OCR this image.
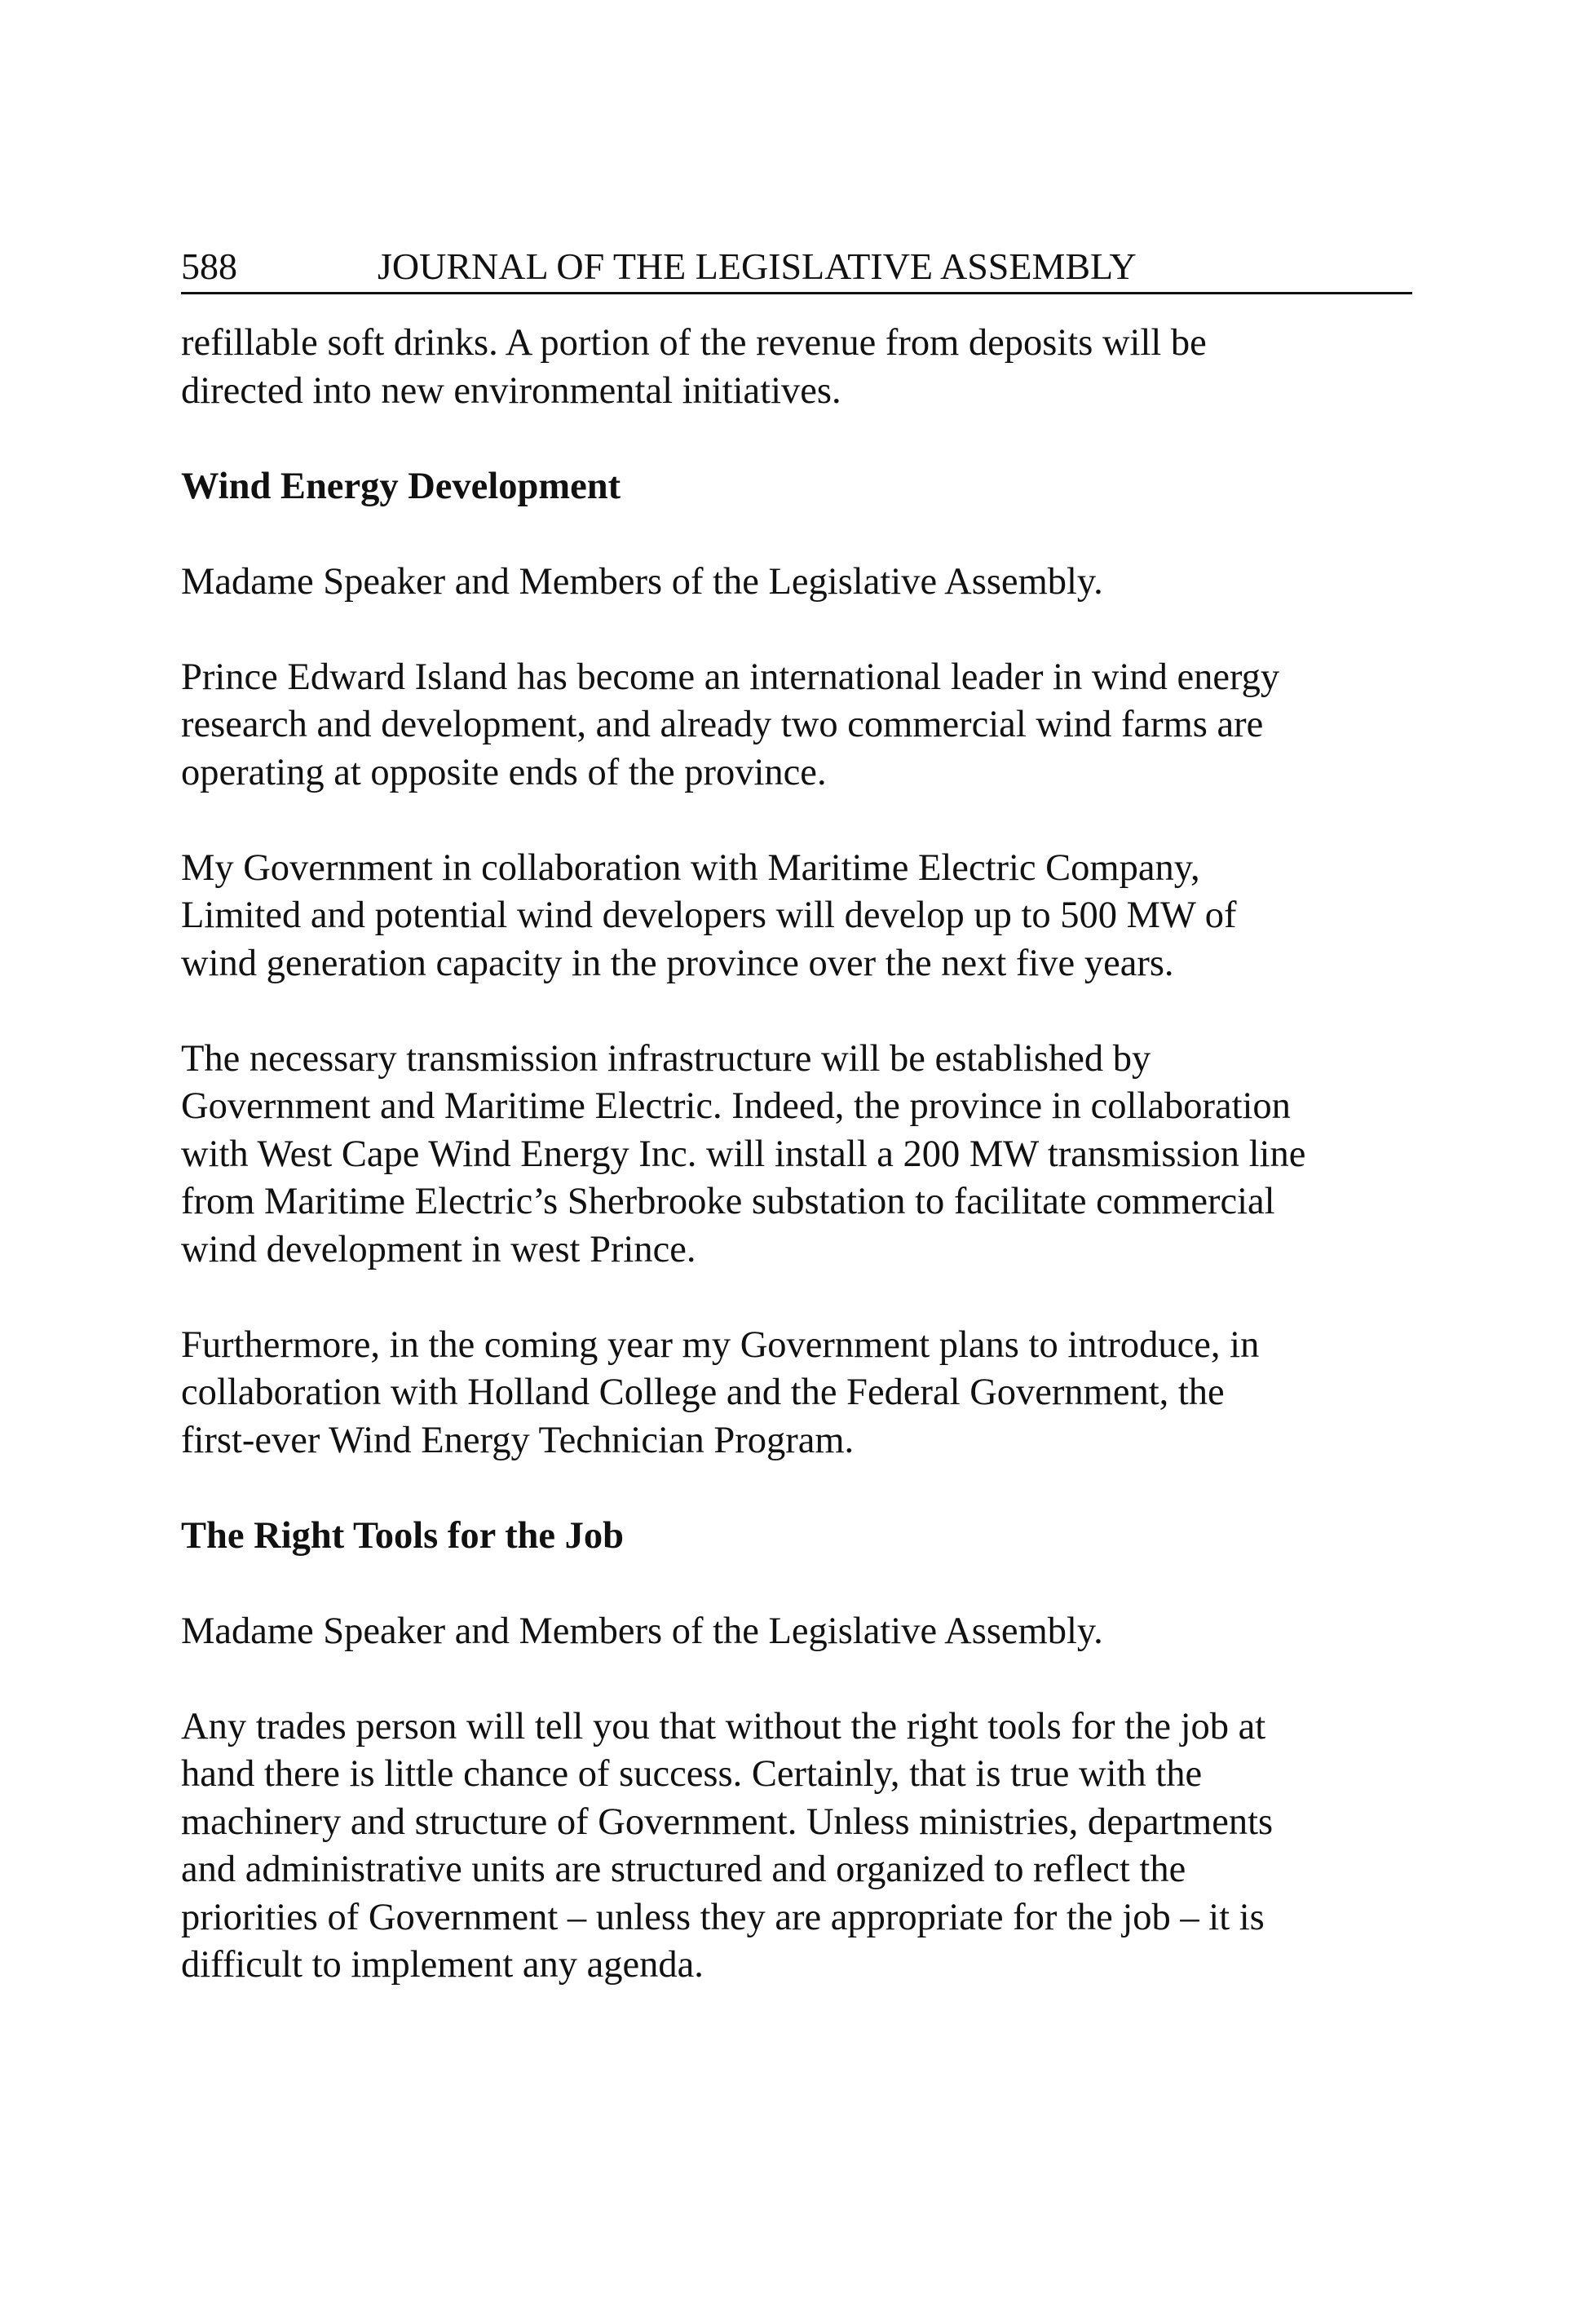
588	JOURNAL OF THE LEGISLATIVE ASSEMBLY

refillable soft drinks. A portion of the revenue from deposits will be
directed into new environmental initiatives.

Wind Energy Development

Madame Speaker and Members of the Legislative Assembly.

Prince Edward Island has become an international leader in wind energy
research and development, and already two commercial wind farms are
operating at opposite ends of the province.

My Government in collaboration with Maritime Electric Company,
Limited and potential wind developers will develop up to 500 MW of
wind generation capacity in the province over the next five years.

The necessary transmission infrastructure will be established by
Government and Maritime Electric. Indeed, the province in collaboration
with West Cape Wind Energy Inc. will install a 200 MW transmission line
from Maritime Electric’s Sherbrooke substation to facilitate commercial
wind development in west Prince.

Furthermore, in the coming year my Government plans to introduce, in
collaboration with Holland College and the Federal Government, the
first-ever Wind Energy Technician Program.

The Right Tools for the Job

Madame Speaker and Members of the Legislative Assembly.

Any trades person will tell you that without the right tools for the job at
hand there is little chance of success. Certainly, that is true with the
machinery and structure of Government. Unless ministries, departments
and administrative units are structured and organized to reflect the
priorities of Government – unless they are appropriate for the job – it is
difficult to implement any agenda.
